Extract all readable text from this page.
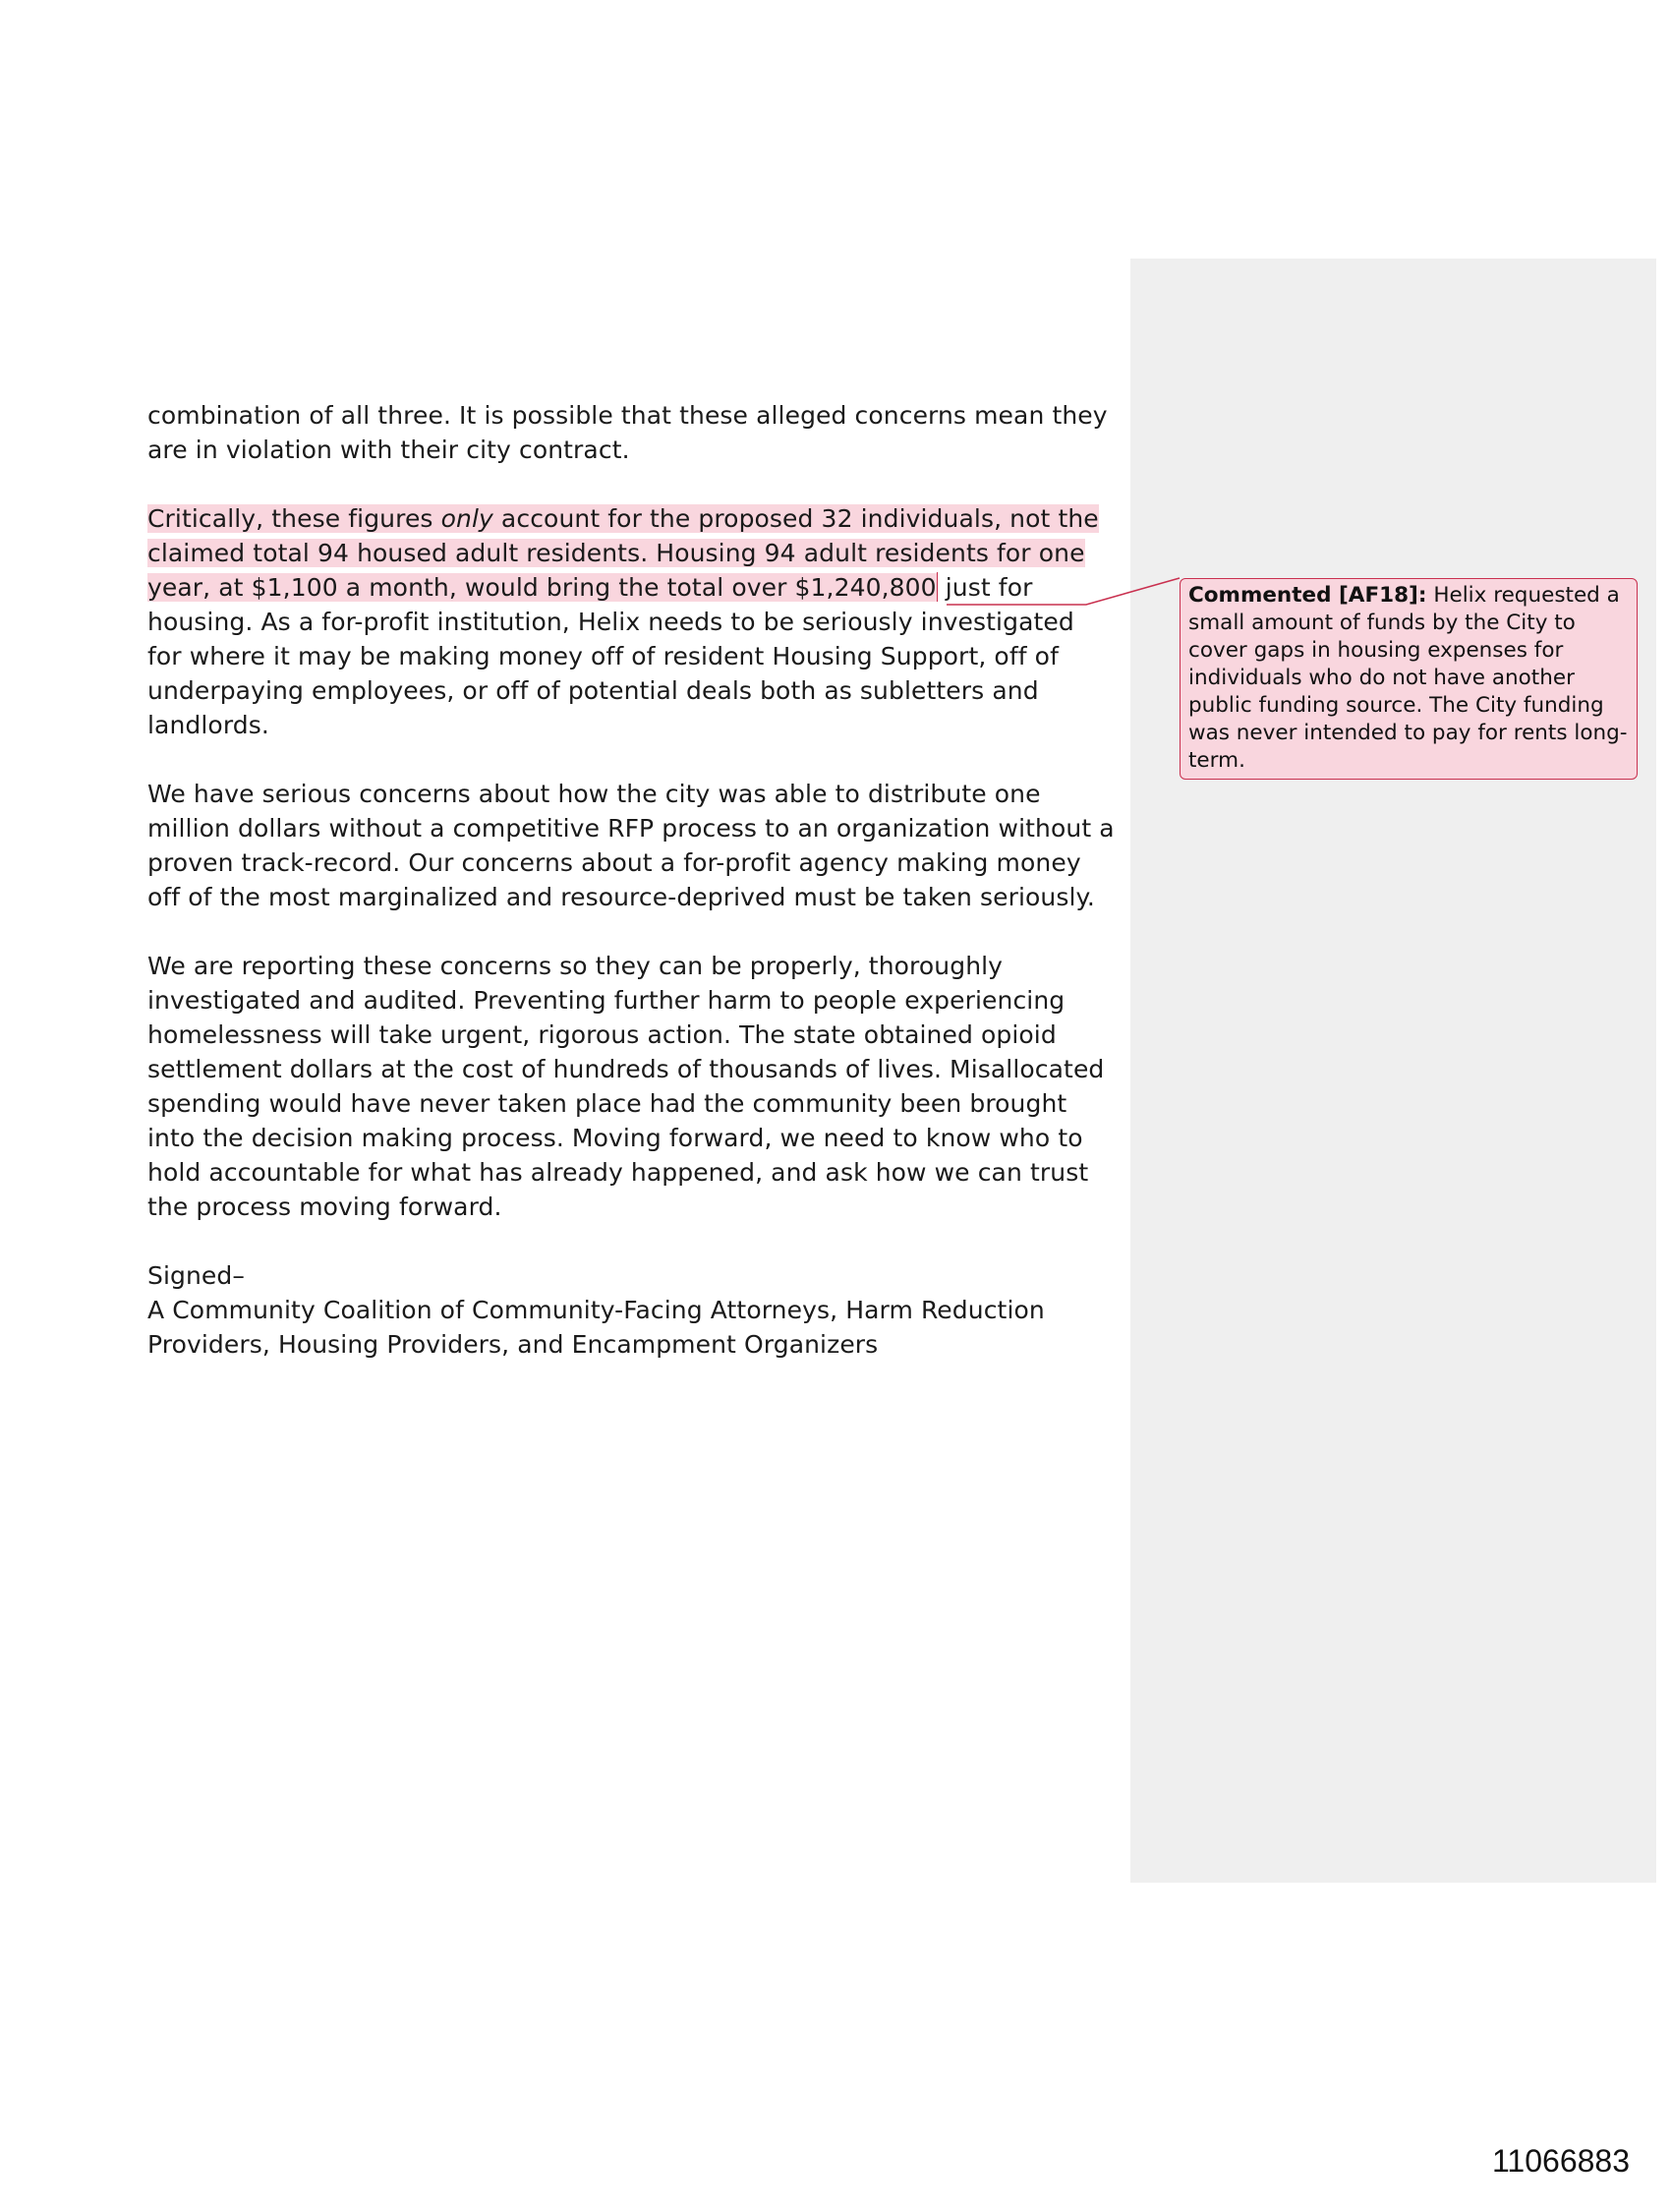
combination of all three. It is possible that these alleged concerns mean they are in violation with their city contract.

Critically, these figures only account for the proposed 32 individuals, not the claimed total 94 housed adult residents. Housing 94 adult residents for one year, at $1,100 a month, would bring the total over $1,240,800 just for housing. As a for-profit institution, Helix needs to be seriously investigated for where it may be making money off of resident Housing Support, off of underpaying employees, or off of potential deals both as subletters and landlords.

We have serious concerns about how the city was able to distribute one million dollars without a competitive RFP process to an organization without a proven track-record. Our concerns about a for-profit agency making money off of the most marginalized and resource-deprived must be taken seriously.

We are reporting these concerns so they can be properly, thoroughly investigated and audited. Preventing further harm to people experiencing homelessness will take urgent, rigorous action. The state obtained opioid settlement dollars at the cost of hundreds of thousands of lives. Misallocated spending would have never taken place had the community been brought into the decision making process. Moving forward, we need to know who to hold accountable for what has already happened, and ask how we can trust the process moving forward.

Signed–

A Community Coalition of Community-Facing Attorneys, Harm Reduction

Providers, Housing Providers, and Encampment Organizers

Commented [AF18]: Helix requested a small amount of funds by the City to cover gaps in housing expenses for individuals who do not have another public funding source. The City funding was never intended to pay for rents long-term.
11066883
